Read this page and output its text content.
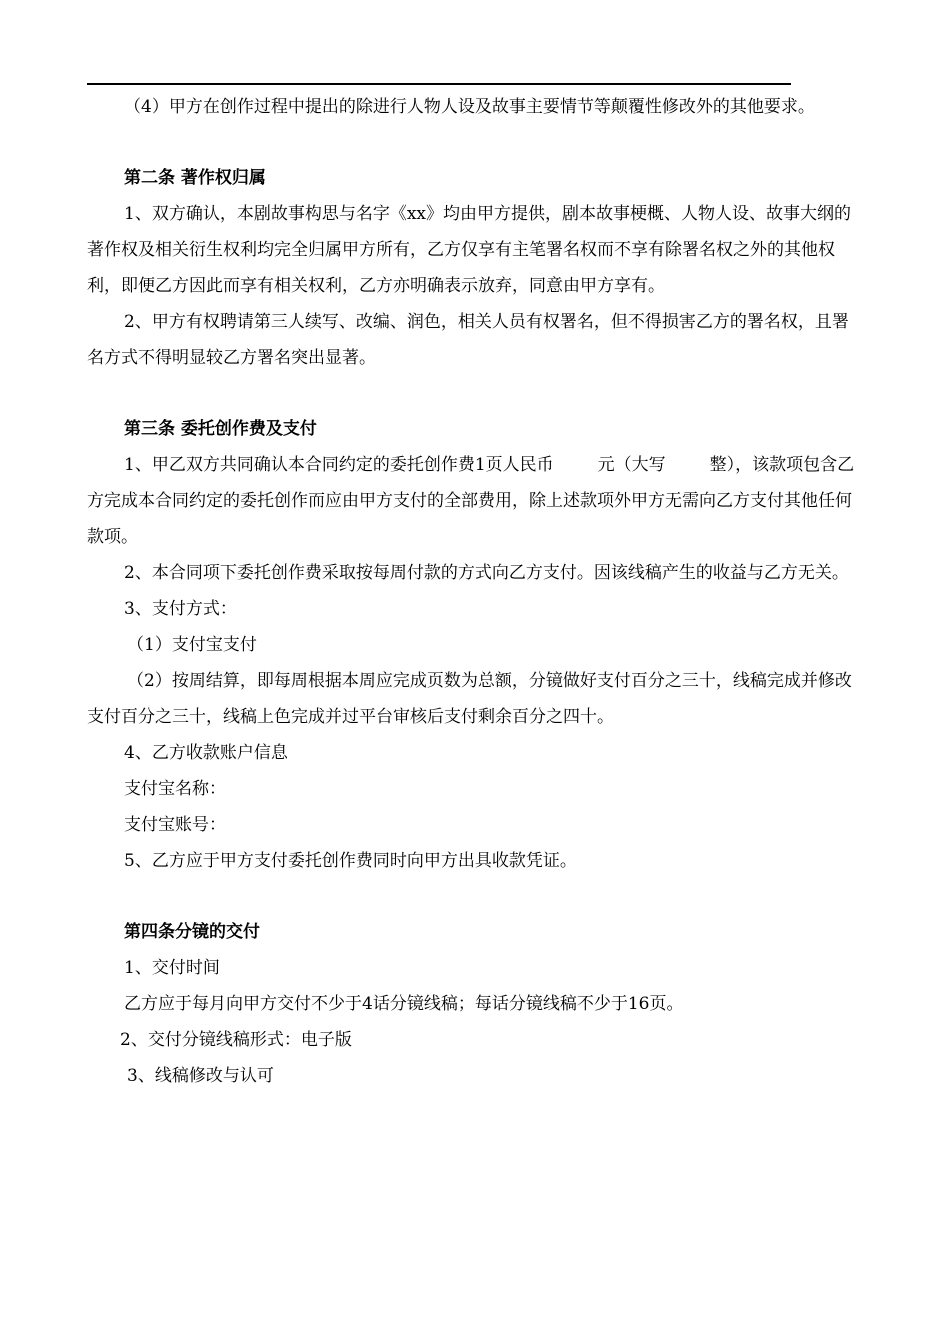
（4）甲方在创作过程中提出的除进行人物人设及故事主要情节等颠覆性修改外的其他要求。

第二条 著作权归属

1、双方确认，本剧故事构思与名字《xx》均由甲方提供，剧本故事梗概、人物人设、故事大纲的著作权及相关衍生权利均完全归属甲方所有，乙方仅享有主笔署名权而不享有除署名权之外的其他权利，即便乙方因此而享有相关权利，乙方亦明确表示放弃，同意由甲方享有。

2、甲方有权聘请第三人续写、改编、润色，相关人员有权署名，但不得损害乙方的署名权，且署名方式不得明显较乙方署名突出显著。

第三条 委托创作费及支付

1、甲乙双方共同确认本合同约定的委托创作费1页人民币	元（大写	整），该款项包含乙方完成本合同约定的委托创作而应由甲方支付的全部费用，除上述款项外甲方无需向乙方支付其他任何款项。

2、本合同项下委托创作费采取按每周付款的方式向乙方支付。因该线稿产生的收益与乙方无关。

3、支付方式：

（1）支付宝支付

（2）按周结算，即每周根据本周应完成页数为总额，分镜做好支付百分之三十，线稿完成并修改支付百分之三十，线稿上色完成并过平台审核后支付剩余百分之四十。

4、乙方收款账户信息

支付宝名称：

支付宝账号：

5、乙方应于甲方支付委托创作费同时向甲方出具收款凭证。

第四条分镜的交付

1、交付时间

乙方应于每月向甲方交付不少于4话分镜线稿；每话分镜线稿不少于16页。

2、交付分镜线稿形式：电子版

3、线稿修改与认可
